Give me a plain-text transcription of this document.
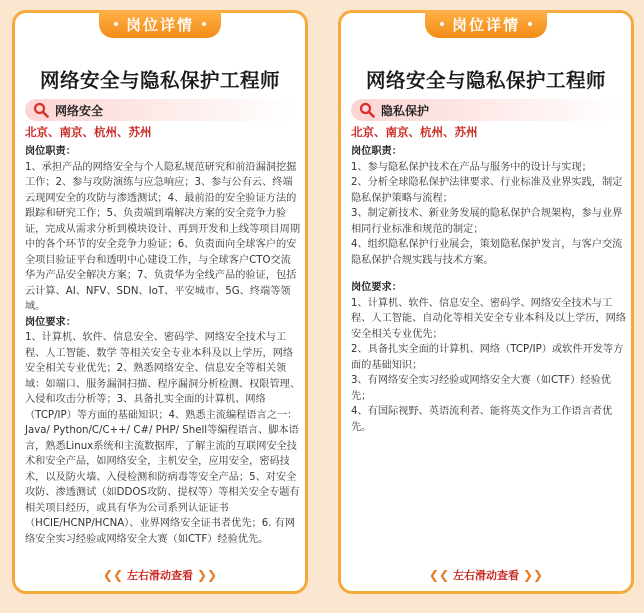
岗位详情
网络安全与隐私保护工程师
网络安全
北京、南京、杭州、苏州

岗位职责：

1、承担产品的网络安全与个人隐私规范研究和前沿漏洞挖掘工作；2、参与攻防演练与应急响应；3、参与公有云、终端云现网安全的攻防与渗透测试；4、最前沿的安全验证方法的跟踪和研究工作；5、负责端到端解决方案的安全竞争力验证，完成从需求分析到模块设计、再到开发和上线等项目周期中的各个环节的安全竞争力验证；6、负责面向全球客户的安全项目验证平台和透明中心建设工作，与全球客户CTO交流华为产品安全解决方案；7、负责华为全线产品的验证，包括云计算、AI、NFV、SDN、IoT、平安城市、5G、终端等领域。

岗位要求：

1、计算机、软件、信息安全、密码学、网络安全技术与工程、人工智能、数学 等相关安全专业本科及以上学历，网络安全相关专业优先；2、熟悉网络安全、信息安全等相关领域：如端口、服务漏洞扫描、程序漏洞分析检测、权限管理、入侵和攻击分析等；3、具备扎实全面的计算机、网络（TCP/IP）等方面的基础知识；4、熟悉主流编程语言之一：Java/ Python/C/C++/ C#/ PHP/ Shell等编程语言、脚本语言，熟悉Linux系统和主流数据库，了解主流的互联网安全技术和安全产品，如网络安全，主机安全，应用安全，密码技术，以及防火墙、入侵检测和防病毒等安全产品；5、对安全攻防、渗透测试（如DDOS攻防、提权等）等相关安全专题有相关项目经历，或具有华为公司系列认证证书（HCIE/HCNP/HCNA）、业界网络安全证书者优先；6. 有网络安全实习经验或网络安全大赛（如CTF）经验优先。

❮❮ 左右滑动查看 ❯❯
岗位详情
网络安全与隐私保护工程师
隐私保护
北京、南京、杭州、苏州

岗位职责：

1、参与隐私保护技术在产品与服务中的设计与实现；

2、分析全球隐私保护法律要求、行业标准及业界实践，制定隐私保护策略与流程；

3、制定新技术、新业务发展的隐私保护合规架构，参与业界相同行业标准和规范的制定；

4、组织隐私保护行业展会，策划隐私保护发言，与客户交流隐私保护合规实践与技术方案。

岗位要求：

1、计算机、软件、信息安全、密码学、网络安全技术与工程、人工智能、自动化等相关安全专业本科及以上学历，网络安全相关专业优先；

2、具备扎实全面的计算机、网络（TCP/IP）或软件开发等方面的基础知识；

3、有网络安全实习经验或网络安全大赛（如CTF）经验优先；

4、有国际视野、英语流利者、能将英文作为工作语言者优先。

❮❮ 左右滑动查看 ❯❯
